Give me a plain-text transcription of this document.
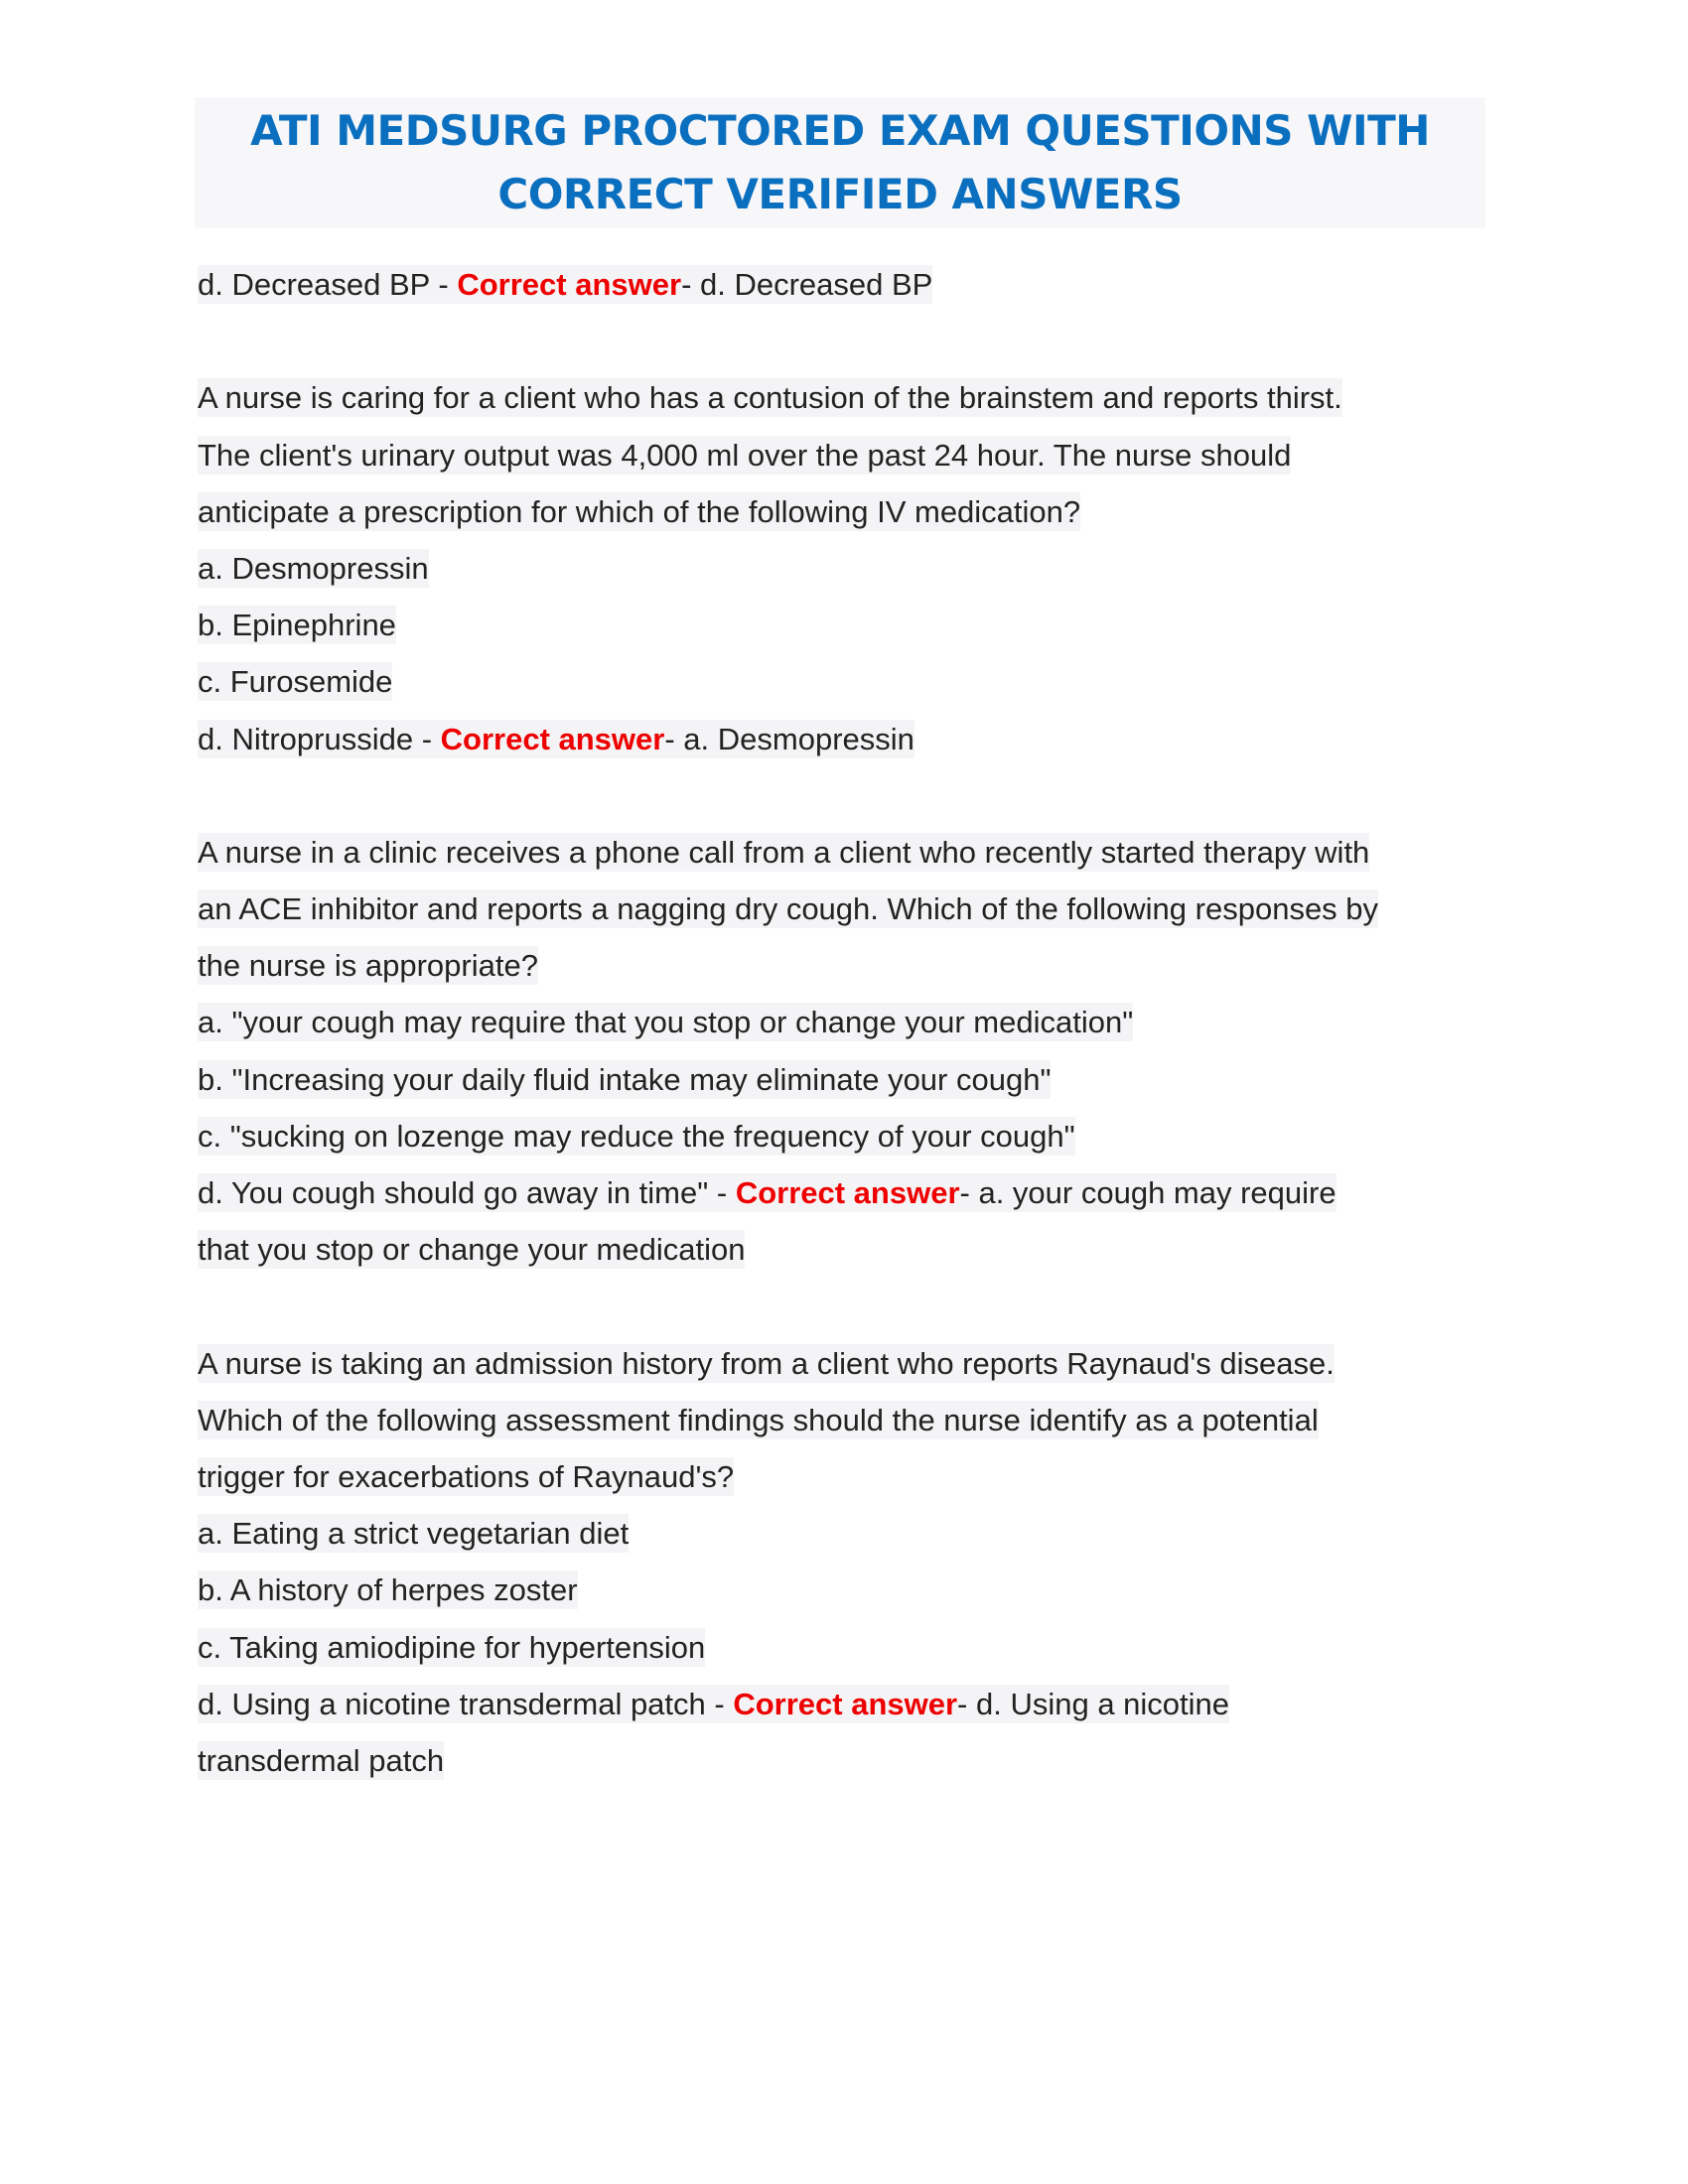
ATI MEDSURG PROCTORED EXAM QUESTIONS WITH
CORRECT VERIFIED ANSWERS
d. Decreased BP - Correct answer- d. Decreased BP
A nurse is caring for a client who has a contusion of the brainstem and reports thirst.
The client's urinary output was 4,000 ml over the past 24 hour. The nurse should
anticipate a prescription for which of the following IV medication?
a. Desmopressin
b. Epinephrine
c. Furosemide
d. Nitroprusside - Correct answer- a. Desmopressin
A nurse in a clinic receives a phone call from a client who recently started therapy with
an ACE inhibitor and reports a nagging dry cough. Which of the following responses by
the nurse is appropriate?
a. "your cough may require that you stop or change your medication"
b. "Increasing your daily fluid intake may eliminate your cough"
c. "sucking on lozenge may reduce the frequency of your cough"
d. You cough should go away in time" - Correct answer- a. your cough may require
that you stop or change your medication
A nurse is taking an admission history from a client who reports Raynaud's disease.
Which of the following assessment findings should the nurse identify as a potential
trigger for exacerbations of Raynaud's?
a. Eating a strict vegetarian diet
b. A history of herpes zoster
c. Taking amiodipine for hypertension
d. Using a nicotine transdermal patch - Correct answer- d. Using a nicotine
transdermal patch
